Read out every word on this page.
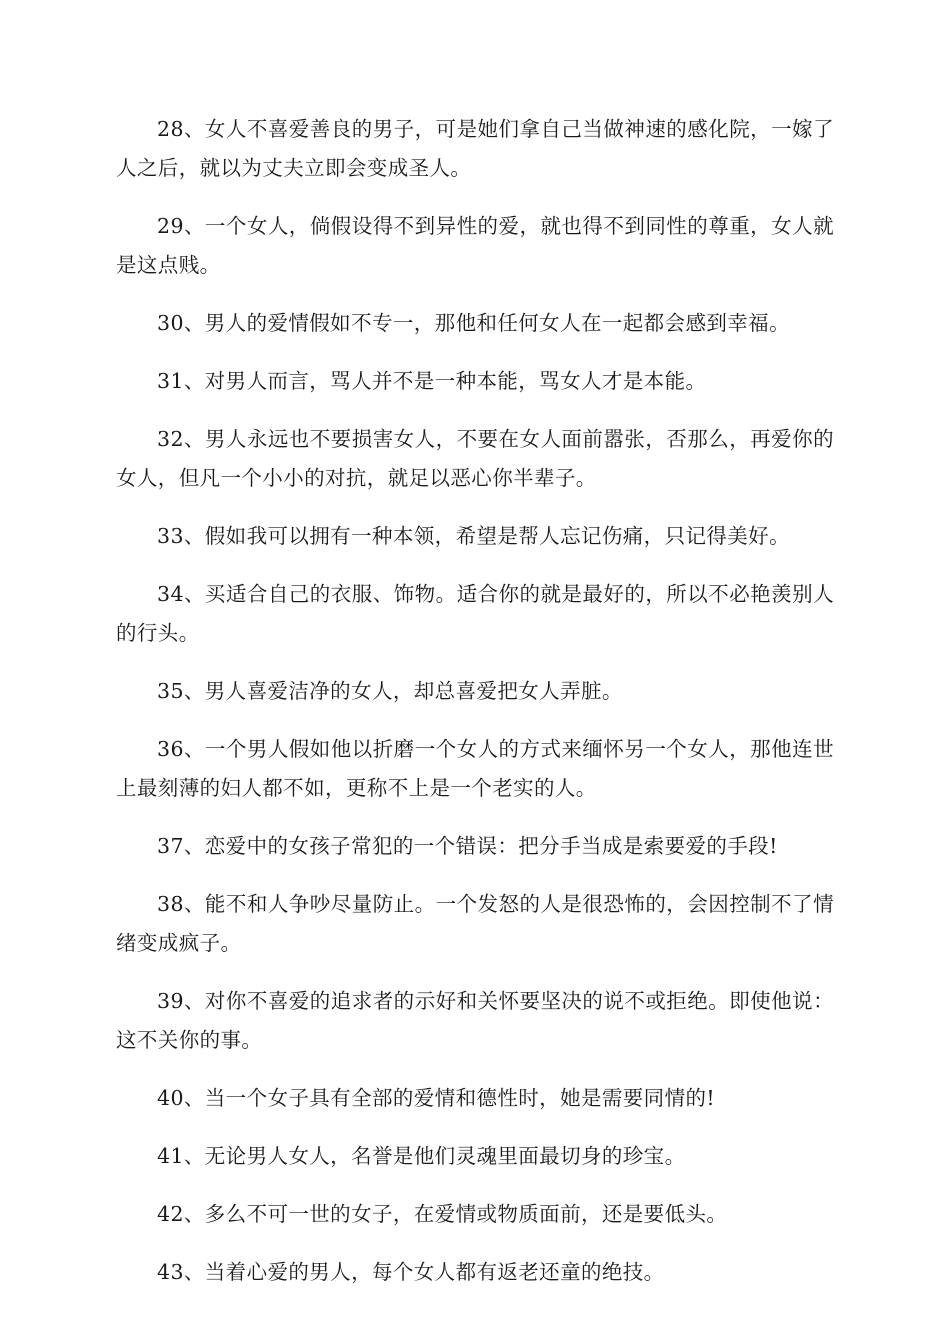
28、女人不喜爱善良的男子，可是她们拿自己当做神速的感化院，一嫁了人之后，就以为丈夫立即会变成圣人。

29、一个女人，倘假设得不到异性的爱，就也得不到同性的尊重，女人就是这点贱。

30、男人的爱情假如不专一，那他和任何女人在一起都会感到幸福。

31、对男人而言，骂人并不是一种本能，骂女人才是本能。

32、男人永远也不要损害女人，不要在女人面前嚣张，否那么，再爱你的女人，但凡一个小小的对抗，就足以恶心你半辈子。

33、假如我可以拥有一种本领，希望是帮人忘记伤痛，只记得美好。

34、买适合自己的衣服、饰物。适合你的就是最好的，所以不必艳羡别人的行头。

35、男人喜爱洁净的女人，却总喜爱把女人弄脏。

36、一个男人假如他以折磨一个女人的方式来缅怀另一个女人，那他连世上最刻薄的妇人都不如，更称不上是一个老实的人。

37、恋爱中的女孩子常犯的一个错误：把分手当成是索要爱的手段!

38、能不和人争吵尽量防止。一个发怒的人是很恐怖的，会因控制不了情绪变成疯子。

39、对你不喜爱的追求者的示好和关怀要坚决的说不或拒绝。即使他说：这不关你的事。

40、当一个女子具有全部的爱情和德性时，她是需要同情的!

41、无论男人女人，名誉是他们灵魂里面最切身的珍宝。

42、多么不可一世的女子，在爱情或物质面前，还是要低头。

43、当着心爱的男人，每个女人都有返老还童的绝技。
